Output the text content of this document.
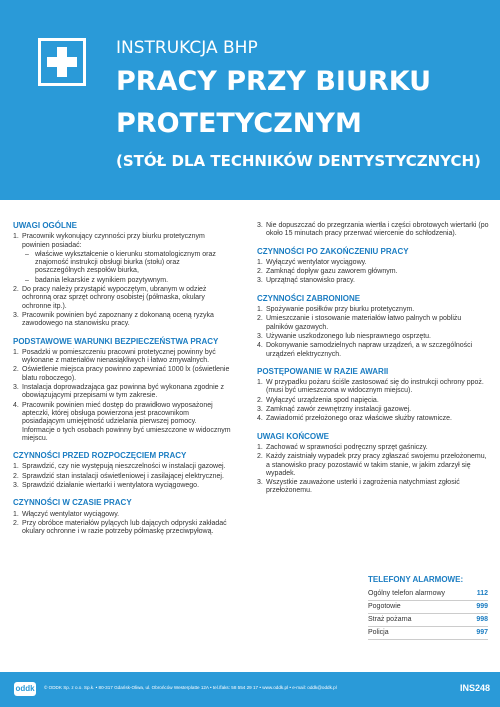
INSTRUKCJA BHP
PRACY PRZY BIURKU
PROTETYCZNYM
(STÓŁ DLA TECHNIKÓW DENTYSTYCZNYCH)
UWAGI OGÓLNE
1. Pracownik wykonujący czynności przy biurku protetycznym powinien posiadać:
– właściwe wykształcenie o kierunku stomatologicznym oraz znajomość instrukcji obsługi biurka (stołu) oraz poszczególnych zespołów biurka,
– badania lekarskie z wynikiem pozytywnym.
2. Do pracy należy przystąpić wypoczętym, ubranym w odzież ochronną oraz sprzęt ochrony osobistej (półmaska, okulary ochronne itp.).
3. Pracownik powinien być zapoznany z dokonaną oceną ryzyka zawodowego na stanowisku pracy.
PODSTAWOWE WARUNKI BEZPIECZEŃSTWA PRACY
1. Posadzki w pomieszczeniu pracowni protetycznej powinny być wykonane z materiałów nienasiąkliwych i łatwo zmywalnych.
2. Oświetlenie miejsca pracy powinno zapewniać 1000 lx (oświetlenie blatu roboczego).
3. Instalacja doprowadzająca gaz powinna być wykonana zgodnie z obowiązującymi przepisami w tym zakresie.
4. Pracownik powinien mieć dostęp do prawidłowo wyposażonej apteczki, której obsługa powierzona jest pracownikom posiadającym umiejętność udzielania pierwszej pomocy. Informacje o tych osobach powinny być umieszczone w widocznym miejscu.
CZYNNOŚCI PRZED ROZPOCZĘCIEM PRACY
1. Sprawdzić, czy nie występują nieszczelności w instalacji gazowej.
2. Sprawdzić stan instalacji oświetleniowej i zasilającej elektrycznej.
3. Sprawdzić działanie wiertarki i wentylatora wyciągowego.
CZYNNOŚCI W CZASIE PRACY
1. Włączyć wentylator wyciągowy.
2. Przy obróbce materiałów pylących lub dających odpryski zakładać okulary ochronne i w razie potrzeby półmaskę przeciwpyłową.
3. Nie dopuszczać do przegrzania wiertła i części obrotowych wiertarki (po około 15 minutach pracy przerwać wiercenie do schłodzenia).
CZYNNOŚCI PO ZAKOŃCZENIU PRACY
1. Wyłączyć wentylator wyciągowy.
2. Zamknąć dopływ gazu zaworem głównym.
3. Uprzątnąć stanowisko pracy.
CZYNNOŚCI ZABRONIONE
1. Spożywanie posiłków przy biurku protetycznym.
2. Umieszczanie i stosowanie materiałów łatwo palnych w pobliżu palników gazowych.
3. Używanie uszkodzonego lub niesprawnego osprzętu.
4. Dokonywanie samodzielnych napraw urządzeń, a w szczególności urządzeń elektrycznych.
POSTĘPOWANIE W RAZIE AWARII
1. W przypadku pożaru ściśle zastosować się do instrukcji ochrony ppoż. (musi być umieszczona w widocznym miejscu).
2. Wyłączyć urządzenia spod napięcia.
3. Zamknąć zawór zewnętrzny instalacji gazowej.
4. Zawiadomić przełożonego oraz właściwe służby ratownicze.
UWAGI KOŃCOWE
1. Zachować w sprawności podręczny sprzęt gaśniczy.
2. Każdy zaistniały wypadek przy pracy zgłaszać swojemu przełożonemu, a stanowisko pracy pozostawić w takim stanie, w jakim zdarzył się wypadek.
3. Wszystkie zauważone usterki i zagrożenia natychmiast zgłosić przełożonemu.
TELEFONY ALARMOWE:
Ogólny telefon alarmowy	112
Pogotowie	999
Straż pożarna	998
Policja	997
oddk	© ODDK Sp. z o.o. Sp.k. • 80-317 Gdańsk-Oliwa, ul. Obrońców Westerplatte 12A • tel./faks: 58 554 29 17 • www.oddk.pl • e-mail: oddk@oddk.pl	INS248
